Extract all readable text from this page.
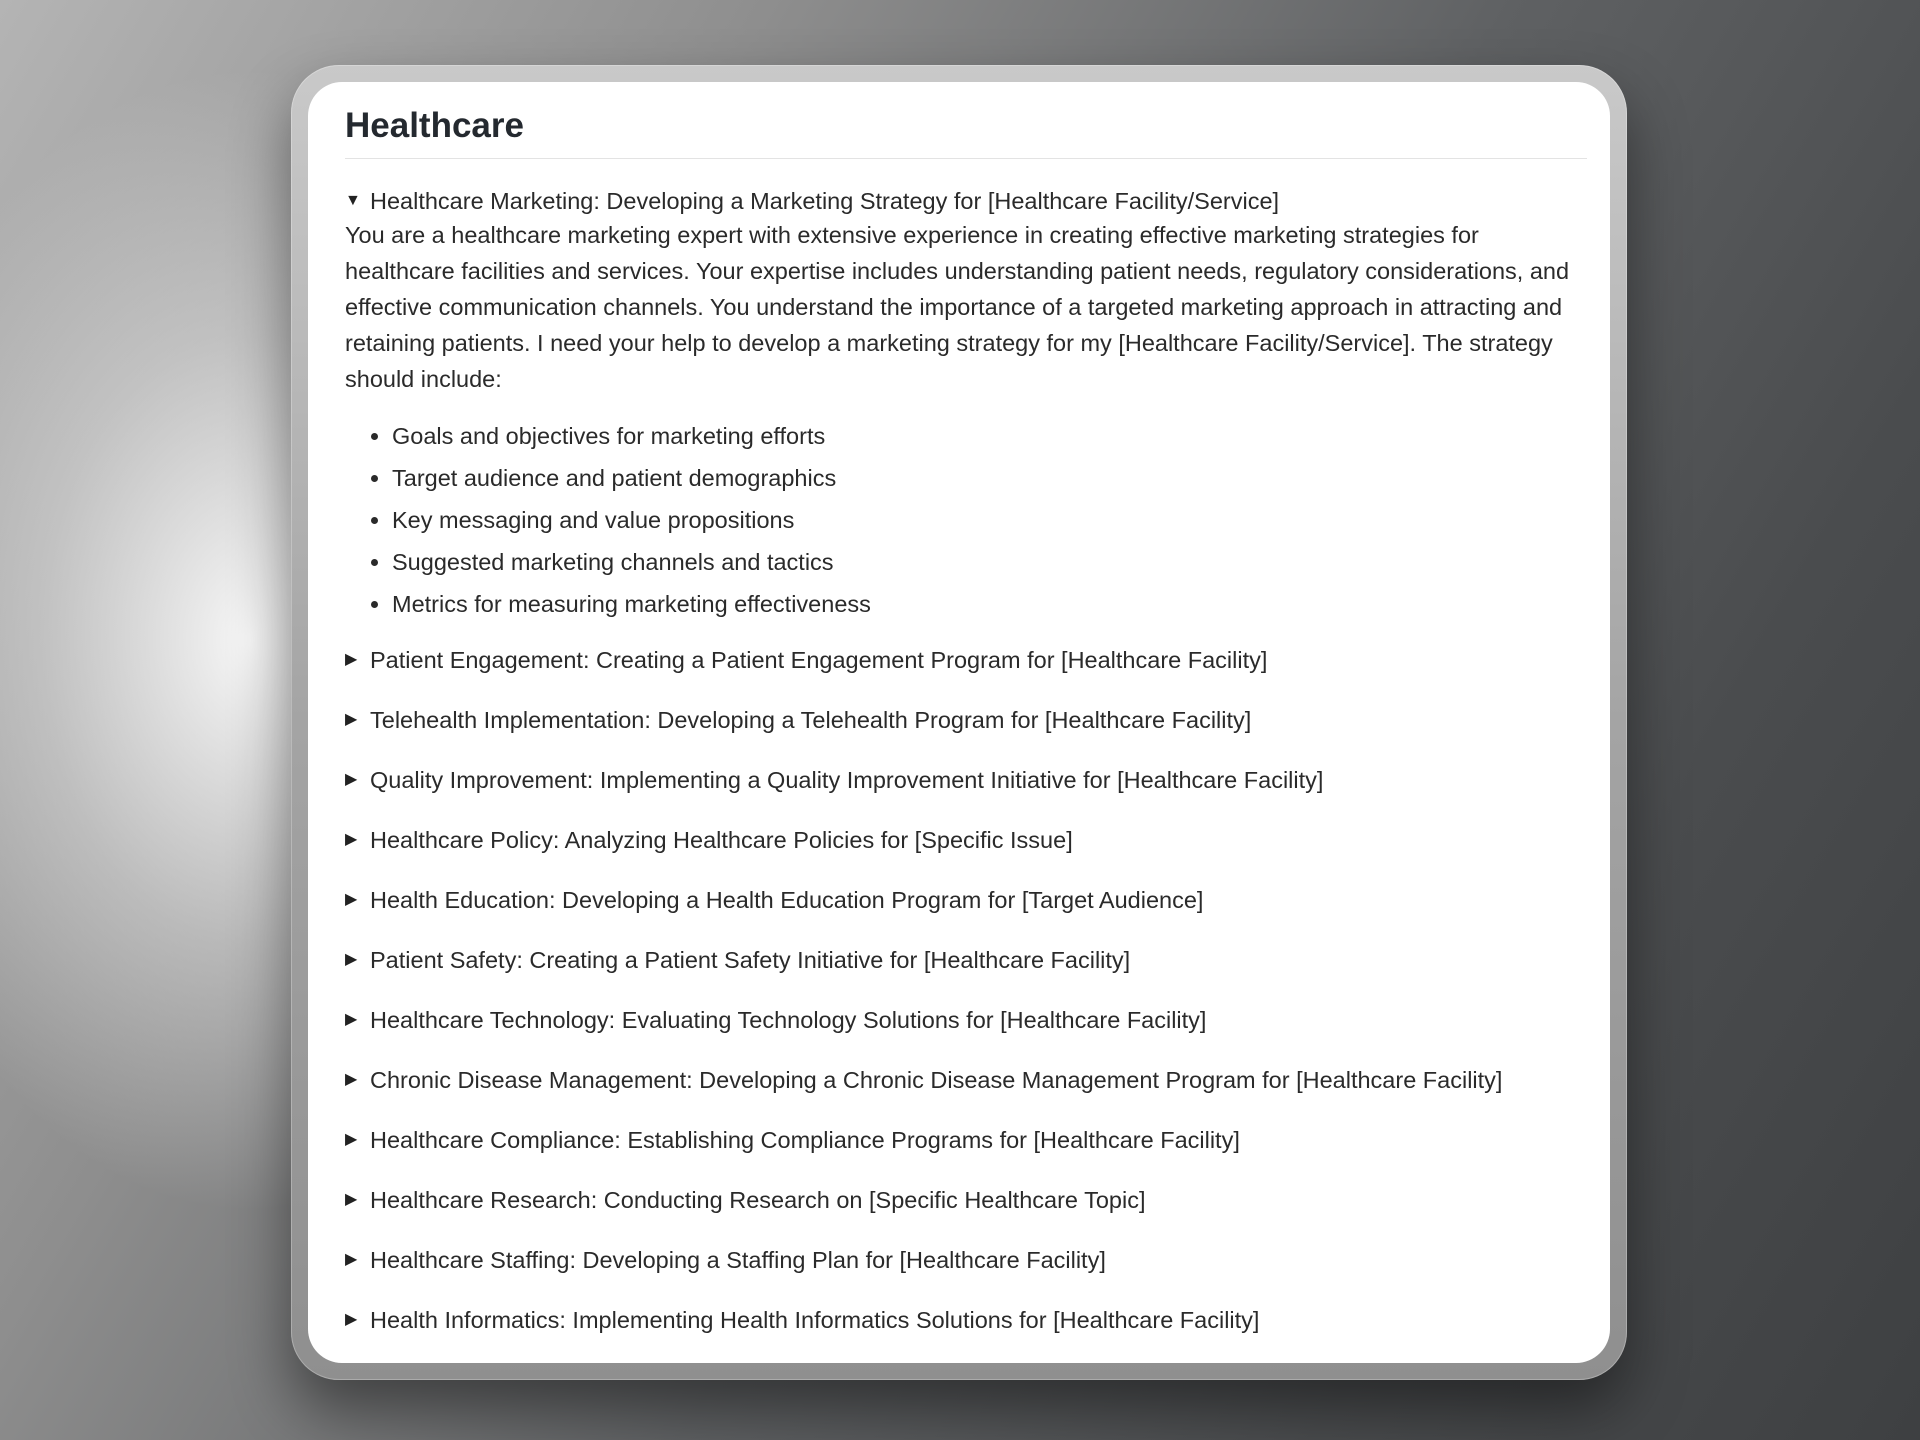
Healthcare
▼ Healthcare Marketing: Developing a Marketing Strategy for [Healthcare Facility/Service]
You are a healthcare marketing expert with extensive experience in creating effective marketing strategies for healthcare facilities and services. Your expertise includes understanding patient needs, regulatory considerations, and effective communication channels. You understand the importance of a targeted marketing approach in attracting and retaining patients. I need your help to develop a marketing strategy for my [Healthcare Facility/Service]. The strategy should include:
• Goals and objectives for marketing efforts
• Target audience and patient demographics
• Key messaging and value propositions
• Suggested marketing channels and tactics
• Metrics for measuring marketing effectiveness
▶ Patient Engagement: Creating a Patient Engagement Program for [Healthcare Facility]
▶ Telehealth Implementation: Developing a Telehealth Program for [Healthcare Facility]
▶ Quality Improvement: Implementing a Quality Improvement Initiative for [Healthcare Facility]
▶ Healthcare Policy: Analyzing Healthcare Policies for [Specific Issue]
▶ Health Education: Developing a Health Education Program for [Target Audience]
▶ Patient Safety: Creating a Patient Safety Initiative for [Healthcare Facility]
▶ Healthcare Technology: Evaluating Technology Solutions for [Healthcare Facility]
▶ Chronic Disease Management: Developing a Chronic Disease Management Program for [Healthcare Facility]
▶ Healthcare Compliance: Establishing Compliance Programs for [Healthcare Facility]
▶ Healthcare Research: Conducting Research on [Specific Healthcare Topic]
▶ Healthcare Staffing: Developing a Staffing Plan for [Healthcare Facility]
▶ Health Informatics: Implementing Health Informatics Solutions for [Healthcare Facility]
